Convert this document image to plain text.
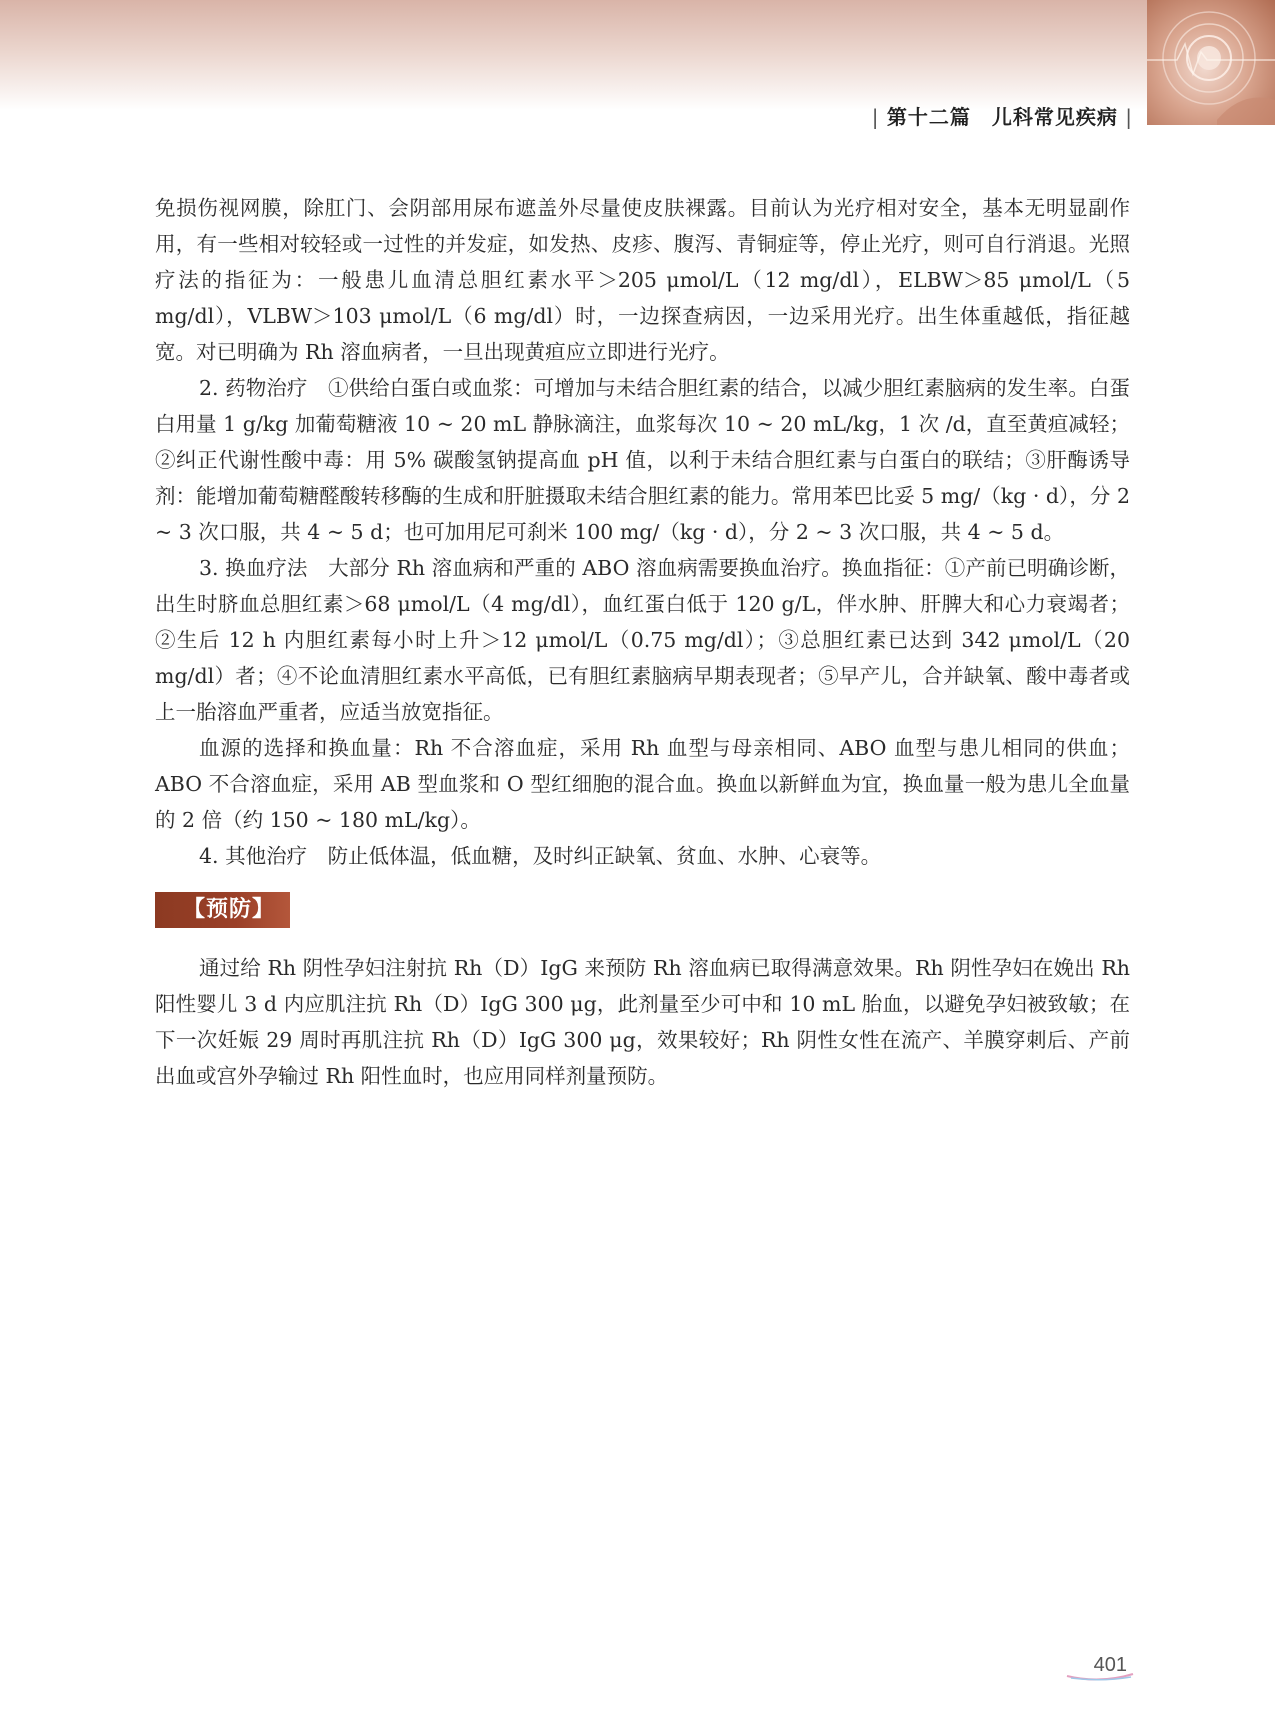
| 第十二篇　儿科常见疾病 |

免损伤视网膜，除肛门、会阴部用尿布遮盖外尽量使皮肤裸露。目前认为光疗相对安全，基本无明显副作用，有一些相对较轻或一过性的并发症，如发热、皮疹、腹泻、青铜症等，停止光疗，则可自行消退。光照疗法的指征为：一般患儿血清总胆红素水平＞205 μmol/L（12 mg/dl），ELBW＞85 μmol/L（5 mg/dl），VLBW＞103 μmol/L（6 mg/dl）时，一边探查病因，一边采用光疗。出生体重越低，指征越宽。对已明确为 Rh 溶血病者，一旦出现黄疸应立即进行光疗。

2. 药物治疗　①供给白蛋白或血浆：可增加与未结合胆红素的结合，以减少胆红素脑病的发生率。白蛋白用量 1 g/kg 加葡萄糖液 10 ~ 20 mL 静脉滴注，血浆每次 10 ~ 20 mL/kg，1 次 /d，直至黄疸减轻；②纠正代谢性酸中毒：用 5% 碳酸氢钠提高血 pH 值，以利于未结合胆红素与白蛋白的联结；③肝酶诱导剂：能增加葡萄糖醛酸转移酶的生成和肝脏摄取未结合胆红素的能力。常用苯巴比妥 5 mg/（kg · d），分 2 ~ 3 次口服，共 4 ~ 5 d；也可加用尼可刹米 100 mg/（kg · d），分 2 ~ 3 次口服，共 4 ~ 5 d。

3. 换血疗法　大部分 Rh 溶血病和严重的 ABO 溶血病需要换血治疗。换血指征：①产前已明确诊断，出生时脐血总胆红素＞68 μmol/L（4 mg/dl），血红蛋白低于 120 g/L，伴水肿、肝脾大和心力衰竭者；②生后 12 h 内胆红素每小时上升＞12 μmol/L（0.75 mg/dl）；③总胆红素已达到 342 μmol/L（20 mg/dl）者；④不论血清胆红素水平高低，已有胆红素脑病早期表现者；⑤早产儿，合并缺氧、酸中毒者或上一胎溶血严重者，应适当放宽指征。

血源的选择和换血量：Rh 不合溶血症，采用 Rh 血型与母亲相同、ABO 血型与患儿相同的供血；ABO 不合溶血症，采用 AB 型血浆和 O 型红细胞的混合血。换血以新鲜血为宜，换血量一般为患儿全血量的 2 倍（约 150 ~ 180 mL/kg）。

4. 其他治疗　防止低体温，低血糖，及时纠正缺氧、贫血、水肿、心衰等。

【预防】

通过给 Rh 阴性孕妇注射抗 Rh（D）IgG 来预防 Rh 溶血病已取得满意效果。Rh 阴性孕妇在娩出 Rh 阳性婴儿 3 d 内应肌注抗 Rh（D）IgG 300 μg，此剂量至少可中和 10 mL 胎血，以避免孕妇被致敏；在下一次妊娠 29 周时再肌注抗 Rh（D）IgG 300 μg，效果较好；Rh 阴性女性在流产、羊膜穿刺后、产前出血或宫外孕输过 Rh 阳性血时，也应用同样剂量预防。

401
